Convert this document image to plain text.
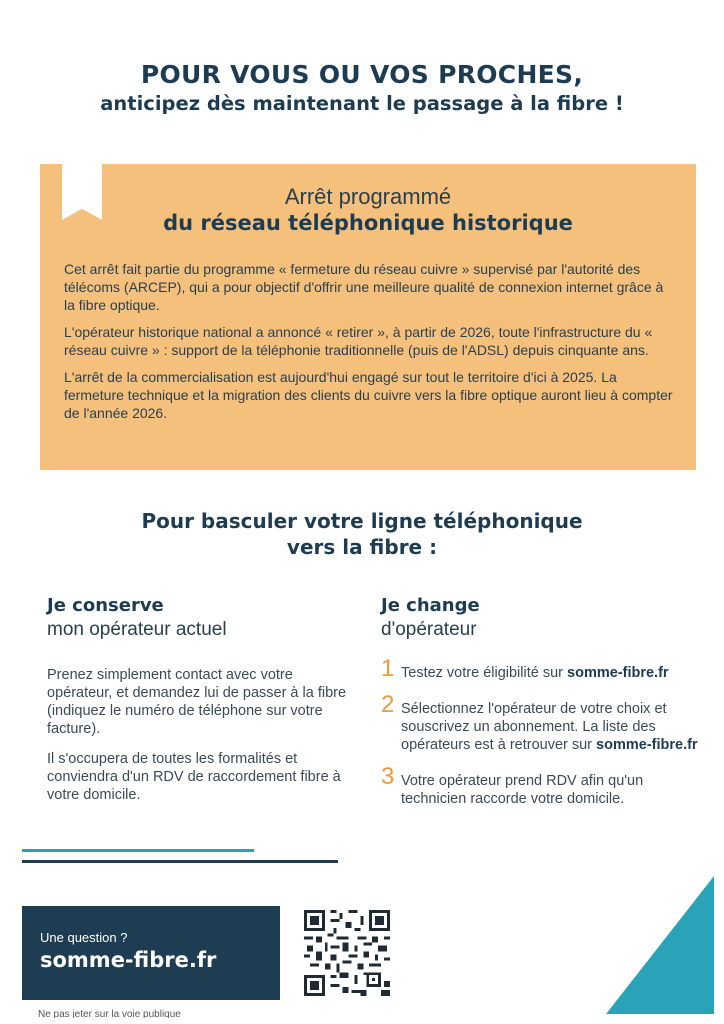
POUR VOUS OU VOS PROCHES,
anticipez dès maintenant le passage à la fibre !
Arrêt programmé
du réseau téléphonique historique

Cet arrêt fait partie du programme « fermeture du réseau cuivre » supervisé par l'autorité des télécoms (ARCEP), qui a pour objectif d'offrir une meilleure qualité de connexion internet grâce à la fibre optique.

L'opérateur historique national a annoncé « retirer », à partir de 2026, toute l'infrastructure du « réseau cuivre » : support de la téléphonie traditionnelle (puis de l'ADSL) depuis cinquante ans.

L'arrêt de la commercialisation est aujourd'hui engagé sur tout le territoire d'ici à 2025. La fermeture technique et la migration des clients du cuivre vers la fibre optique auront lieu à compter de l'année 2026.

Pour basculer votre ligne téléphonique
vers la fibre :
Je conserve
mon opérateur actuel

Prenez simplement contact avec votre opérateur, et demandez lui de passer à la fibre (indiquez le numéro de téléphone sur votre facture).

Il s'occupera de toutes les formalités et conviendra d'un RDV de raccordement fibre à votre domicile.

Je change
d'opérateur
1 Testez votre éligibilité sur somme-fibre.fr
2 Sélectionnez l'opérateur de votre choix et souscrivez un abonnement. La liste des opérateurs est à retrouver sur somme-fibre.fr
3 Votre opérateur prend RDV afin qu'un technicien raccorde votre domicile.
Une question ?
somme-fibre.fr
Ne pas jeter sur la voie publique
